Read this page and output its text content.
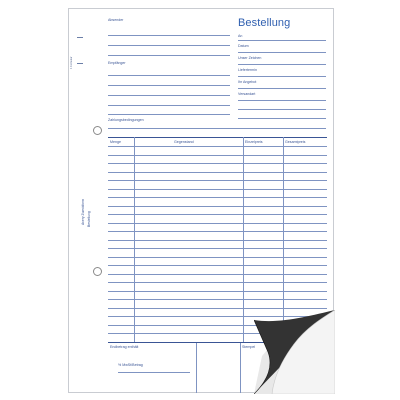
1 Formular
Absender
Empfänger
Bestellung
An
Datum
Unser Zeichen
Liefertermin
Ihr Angebot
Versandart
Zahlungsbedingungen
Avery Zweckform Bestellung
Menge	Gegenstand	Einzelpreis	Gesamtpreis
Endbetrag enthält
% MwSt/Betrag
Stempel
